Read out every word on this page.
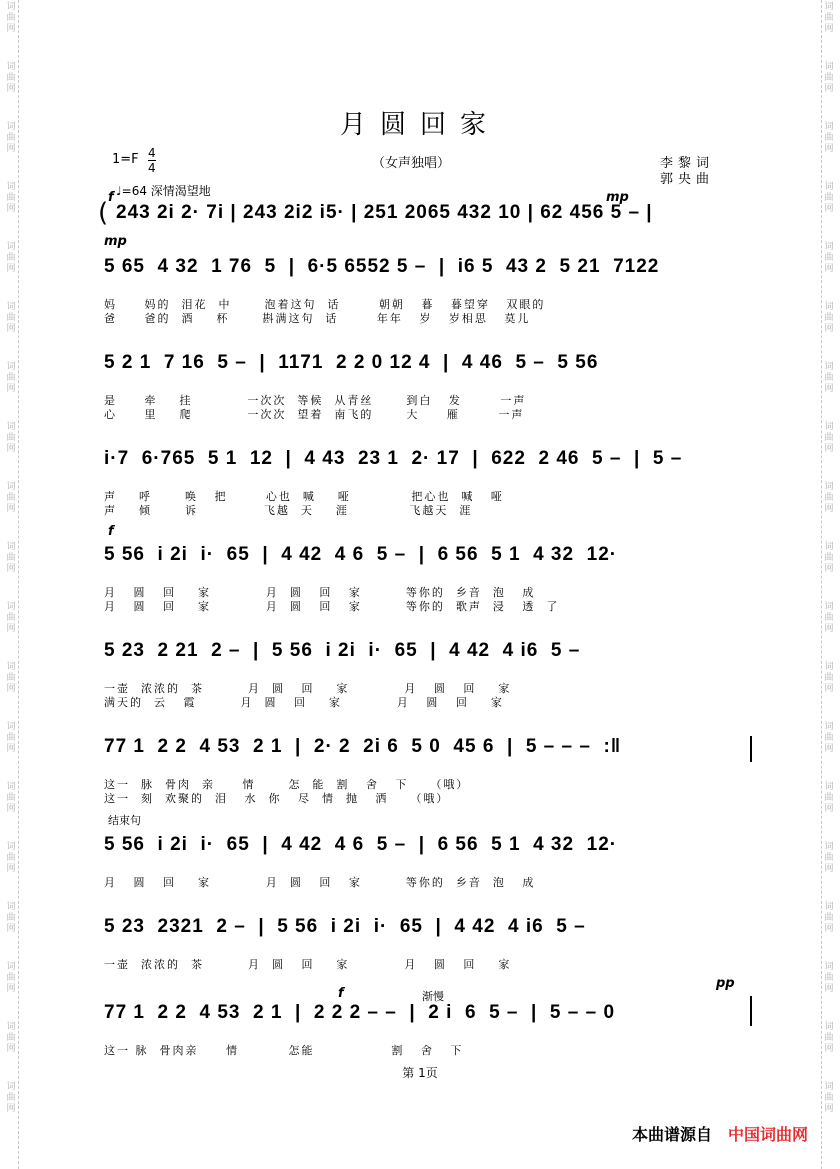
词曲网
词曲网
词曲网
词曲网
词曲网
词曲网
词曲网
词曲网
词曲网
词曲网
词曲网
词曲网
词曲网
词曲网
词曲网
词曲网
词曲网
词曲网
词曲网
词曲网
词曲网
词曲网
词曲网
词曲网
词曲网
词曲网
词曲网
词曲网
词曲网
词曲网
词曲网
词曲网
词曲网
词曲网
词曲网
词曲网
词曲网
词曲网
月圆回家
1=F 4
4
♩=64 深情渴望地
（女声独唱）	李黎词
郭央曲
(
f	mp
243 2i 2· 7i | 243 2i2 i5· | 251 2065 432 10 | 62 456 5 – |
mp
5 65  4 32  1 76  5  |  6·5 6552 5 –  |  i6 5  43 2  5 21  7122
妈     妈的  泪花  中      泡着这句  话       朝朝   暮   暮望穿   双眼的
爸     爸的  酒    杯      斟满这句  话       年年   岁   岁相思   莫儿
5 2 1  7 16  5 –  |  1171  2 2 0 12 4  |  4 46  5 –  5 56
是     牵    挂          一次次  等候  从青丝      到白   发       一声
心     里    爬          一次次  望着  南飞的      大     雁       一声
i·7  6·765  5 1  12  |  4 43  23 1  2· 17  |  622  2 46  5 –  |  5 –
声    呼      唤   把       心也  喊    哑           把心也  喊   哑
声    倾      诉            飞越  天    涯           飞越天  涯
f
5 56  i 2i  i·  65  |  4 42  4 6  5 –  |  6 56  5 1  4 32  12·
月   圆   回    家          月  圆   回   家        等你的  乡音  泡   成
月   圆   回    家          月  圆   回   家        等你的  歌声  浸   透  了
5 23  2 21  2 –  |  5 56  i 2i  i·  65  |  4 42  4 i6  5 –
一壶  浓浓的  茶        月  圆   回    家          月   圆   回    家
满天的  云   霞        月  圆   回    家          月   圆   回    家
77 1  2 2  4 53  2 1  |  2· 2  2i 6  5 0  45 6  |  5 – – –  :‖
这一  脉  骨肉  亲     情      怎  能  割   舍   下    （哦）
这一  刻  欢聚的  泪   水  你   尽  情  抛   洒    （哦）
结束句
5 56  i 2i  i·  65  |  4 42  4 6  5 –  |  6 56  5 1  4 32  12·
月   圆   回    家          月  圆   回   家        等你的  乡音  泡   成
5 23  2321  2 –  |  5 56  i 2i  i·  65  |  4 42  4 i6  5 –
一壶  浓浓的  茶        月  圆   回    家          月   圆   回    家
f	渐慢
pp
77 1  2 2  4 53  2 1  |  2 2 2 – –  |  2 i  6  5 –  |  5 – – 0
这一 脉  骨肉亲     情         怎能              割   舍   下
第 1页
本曲谱源自 中国词曲网
